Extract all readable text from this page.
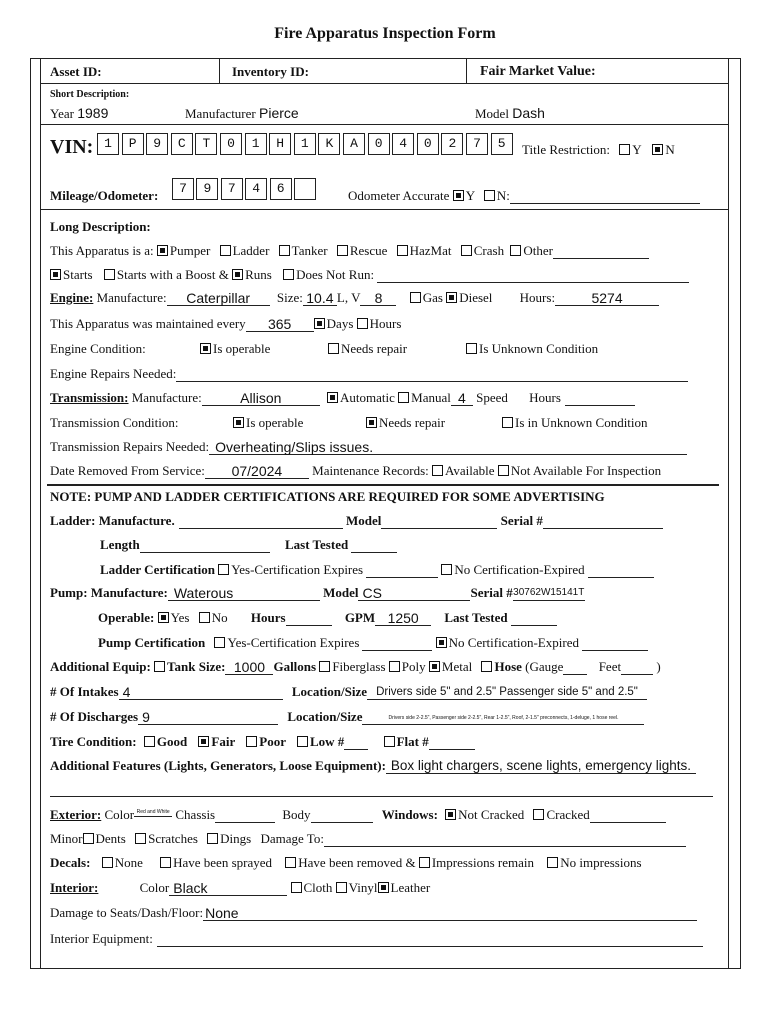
Fire Apparatus Inspection Form
Asset ID:	Inventory ID:	Fair Market Value:
Short Description:
Year 1989	Manufacturer Pierce	Model Dash
VIN: 1	P	9	C	T	0	1	H	1	K	A	0	4	0	2	7	5	Title Restriction: Y N
Mileage/Odometer:	7	9	7	4	6	Odometer Accurate Y N:
Long Description:
This Apparatus is a: Pumper Ladder Tanker Rescue HazMat Crash Other
Starts Starts with a Boost & Runs Does Not Run:
Engine: Manufacture: Caterpillar Size: 10.4 L, V 8	Gas Diesel Hours:	5274
This Apparatus was maintained every 365	Days Hours
Engine Condition:	Is operable	Needs repair	Is Unknown Condition
Engine Repairs Needed:
Transmission: Manufacture:	Allison	Automatic Manual 4 Speed Hours
Transmission Condition:	Is operable	Needs repair	Is in Unknown Condition
Transmission Repairs Needed: Overheating/Slips issues.
Date Removed From Service: 07/2024 Maintenance Records: Available Not Available For Inspection
NOTE: PUMP AND LADDER CERTIFICATIONS ARE REQUIRED FOR SOME ADVERTISING
Ladder: Manufacture.	Model	Serial #
Length	Last Tested
Ladder Certification Yes-Certification Expires	No Certification-Expired
Pump: Manufacture: Waterous	Model CS	Serial #30762W15141T
Operable: Yes No Hours	GPM 1250 Last Tested
Pump Certification Yes-Certification Expires	No Certification-Expired
Additional Equip: Tank Size: 1000 Gallons Fiberglass Poly Metal Hose (Gauge	Feet )
# Of Intakes 4	Location/Size Drivers side 5" and 2.5" Passenger side 5" and 2.5"
# Of Discharges 9	Location/Size	Drivers side 2-2.5", Passenger side 2-2.5", Rear 1-2.5", Roof, 2-1.5" preconnects, 1-deluge, 1 hose reel.
Tire Condition: Good Fair Poor Low #	Flat #
Additional Features (Lights, Generators, Loose Equipment): Box light chargers, scene lights, emergency lights.
Exterior: Color Red and White Chassis	Body	Windows: Not Cracked Cracked
Minor Dents Scratches Dings Damage To:
Decals: None Have been sprayed Have been removed & Impressions remain No impressions
Interior:	Color Black	Cloth Vinyl Leather
Damage to Seats/Dash/Floor: None
Interior Equipment:
